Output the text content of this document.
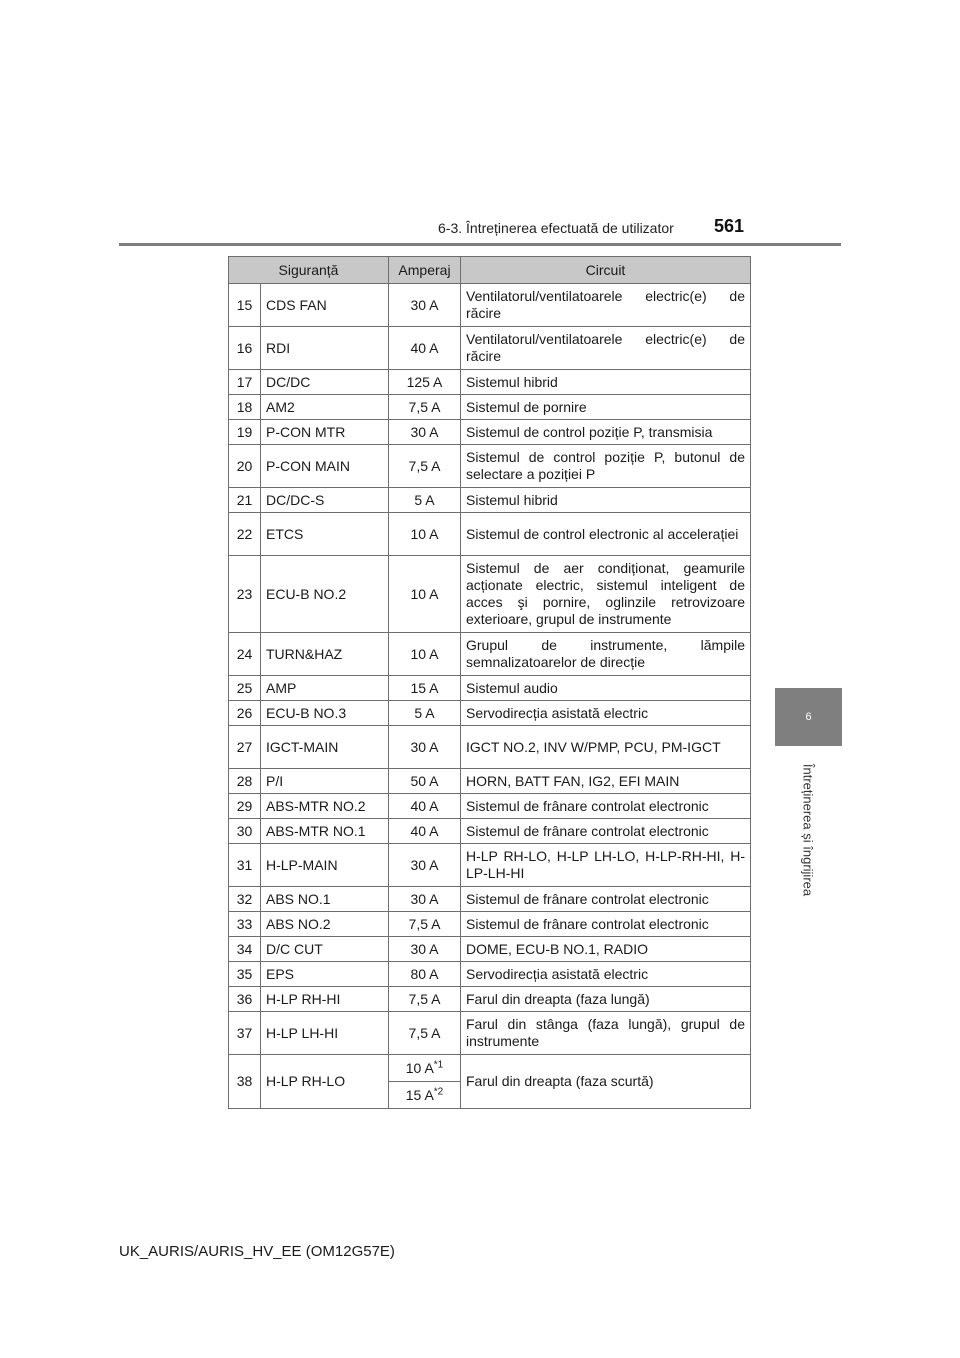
6-3. Întreținerea efectuată de utilizator 561
6
Întreținerea și îngrijirea
Siguranță		Amperaj	Circuit
15	CDS FAN	30 A	Ventilatorul/ventilatoarele electric(e) de răcire
16	RDI	40 A	Ventilatorul/ventilatoarele electric(e) de răcire
17	DC/DC	125 A	Sistemul hibrid
18	AM2	7,5 A	Sistemul de pornire
19	P-CON MTR	30 A	Sistemul de control poziție P, transmisia
20	P-CON MAIN	7,5 A	Sistemul de control poziție P, butonul de selectare a poziției P
21	DC/DC-S	5 A	Sistemul hibrid
22	ETCS	10 A	Sistemul de control electronic al accelerației
23	ECU-B NO.2	10 A	Sistemul de aer condiționat, geamurile acționate electric, sistemul inteligent de acces şi pornire, oglinzile retrovizoare exterioare, grupul de instrumente
24	TURN&HAZ	10 A	Grupul de instrumente, lămpile semnalizatoarelor de direcție
25	AMP	15 A	Sistemul audio
26	ECU-B NO.3	5 A	Servodirecția asistată electric
27	IGCT-MAIN	30 A	IGCT NO.2, INV W/PMP, PCU, PM-IGCT
28	P/I	50 A	HORN, BATT FAN, IG2, EFI MAIN
29	ABS-MTR NO.2	40 A	Sistemul de frânare controlat electronic
30	ABS-MTR NO.1	40 A	Sistemul de frânare controlat electronic
31	H-LP-MAIN	30 A	H-LP RH-LO, H-LP LH-LO, H-LP-RH-HI, H-LP-LH-HI
32	ABS NO.1	30 A	Sistemul de frânare controlat electronic
33	ABS NO.2	7,5 A	Sistemul de frânare controlat electronic
34	D/C CUT	30 A	DOME, ECU-B NO.1, RADIO
35	EPS	80 A	Servodirecția asistată electric
36	H-LP RH-HI	7,5 A	Farul din dreapta (faza lungă)
37	H-LP LH-HI	7,5 A	Farul din stânga (faza lungă), grupul de instrumente
38	H-LP RH-LO	10 $A^{*1}$	Farul din dreapta (faza scurtă)
		15 $A^{*2}$
UK_AURIS/AURIS_HV_EE (OM12G57E)
